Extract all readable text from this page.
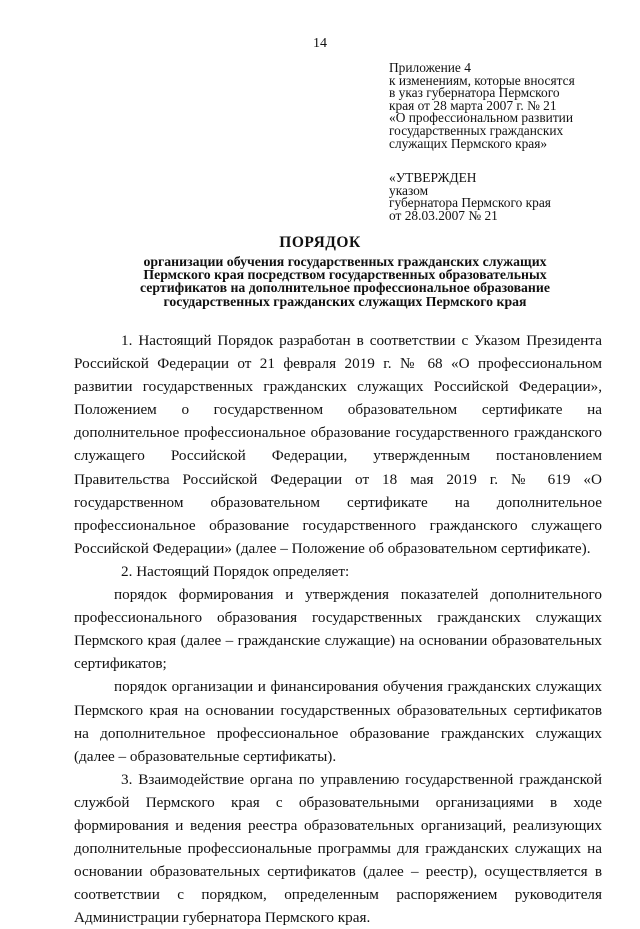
14
Приложение 4
к изменениям, которые вносятся
в указ губернатора Пермского
края от 28 марта 2007 г. № 21
«О профессиональном развитии
государственных гражданских
служащих Пермского края»
«УТВЕРЖДЕН
указом
губернатора Пермского края
от 28.03.2007 № 21
ПОРЯДОК
организации обучения государственных гражданских служащих
Пермского края посредством государственных образовательных
сертификатов на дополнительное профессиональное образование
государственных гражданских служащих Пермского края

1. Настоящий Порядок разработан в соответствии с Указом Президента Российской Федерации от 21 февраля 2019 г. № 68 «О профессиональном развитии государственных гражданских служащих Российской Федерации», Положением о государственном образовательном сертификате на дополнительное профессиональное образование государственного гражданского служащего Российской Федерации, утвержденным постановлением Правительства Российской Федерации от 18 мая 2019 г. № 619 «О государственном образовательном сертификате на дополнительное профессиональное образование государственного гражданского служащего Российской Федерации» (далее – Положение об образовательном сертификате).

2. Настоящий Порядок определяет:

порядок формирования и утверждения показателей дополнительного профессионального образования государственных гражданских служащих Пермского края (далее – гражданские служащие) на основании образовательных сертификатов;

порядок организации и финансирования обучения гражданских служащих Пермского края на основании государственных образовательных сертификатов на дополнительное профессиональное образование гражданских служащих (далее – образовательные сертификаты).

3. Взаимодействие органа по управлению государственной гражданской службой Пермского края с образовательными организациями в ходе формирования и ведения реестра образовательных организаций, реализующих дополнительные профессиональные программы для гражданских служащих на основании образовательных сертификатов (далее – реестр), осуществляется в соответствии с порядком, определенным распоряжением руководителя Администрации губернатора Пермского края.
